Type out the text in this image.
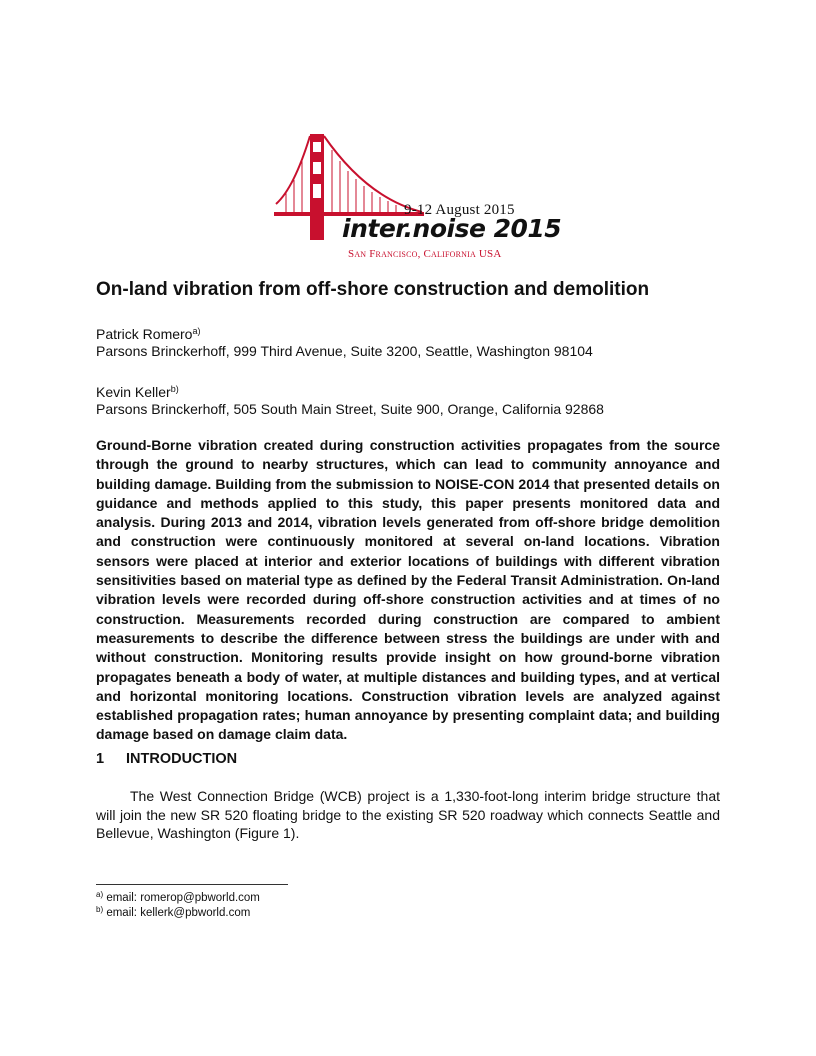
9-12 August 2015
inter.noise 2015
San Francisco, California USA
On-land vibration from off-shore construction and demolition
Patrick Romero$^{a)}$
Parsons Brinckerhoff, 999 Third Avenue, Suite 3200, Seattle, Washington 98104
Kevin Keller$^{b)}$
Parsons Brinckerhoff, 505 South Main Street, Suite 900, Orange, California 92868

Ground-Borne vibration created during construction activities propagates from the source through the ground to nearby structures, which can lead to community annoyance and building damage. Building from the submission to NOISE-CON 2014 that presented details on guidance and methods applied to this study, this paper presents monitored data and analysis. During 2013 and 2014, vibration levels generated from off-shore bridge demolition and construction were continuously monitored at several on-land locations. Vibration sensors were placed at interior and exterior locations of buildings with different vibration sensitivities based on material type as defined by the Federal Transit Administration. On-land vibration levels were recorded during off-shore construction activities and at times of no construction. Measurements recorded during construction are compared to ambient measurements to describe the difference between stress the buildings are under with and without construction. Monitoring results provide insight on how ground-borne vibration propagates beneath a body of water, at multiple distances and building types, and at vertical and horizontal monitoring locations. Construction vibration levels are analyzed against established propagation rates; human annoyance by presenting complaint data; and building damage based on damage claim data.

1 INTRODUCTION

The West Connection Bridge (WCB) project is a 1,330-foot-long interim bridge structure that will join the new SR 520 floating bridge to the existing SR 520 roadway which connects Seattle and Bellevue, Washington (Figure 1).

$^{a)}$ email: romerop@pbworld.com
$^{b)}$ email: kellerk@pbworld.com
